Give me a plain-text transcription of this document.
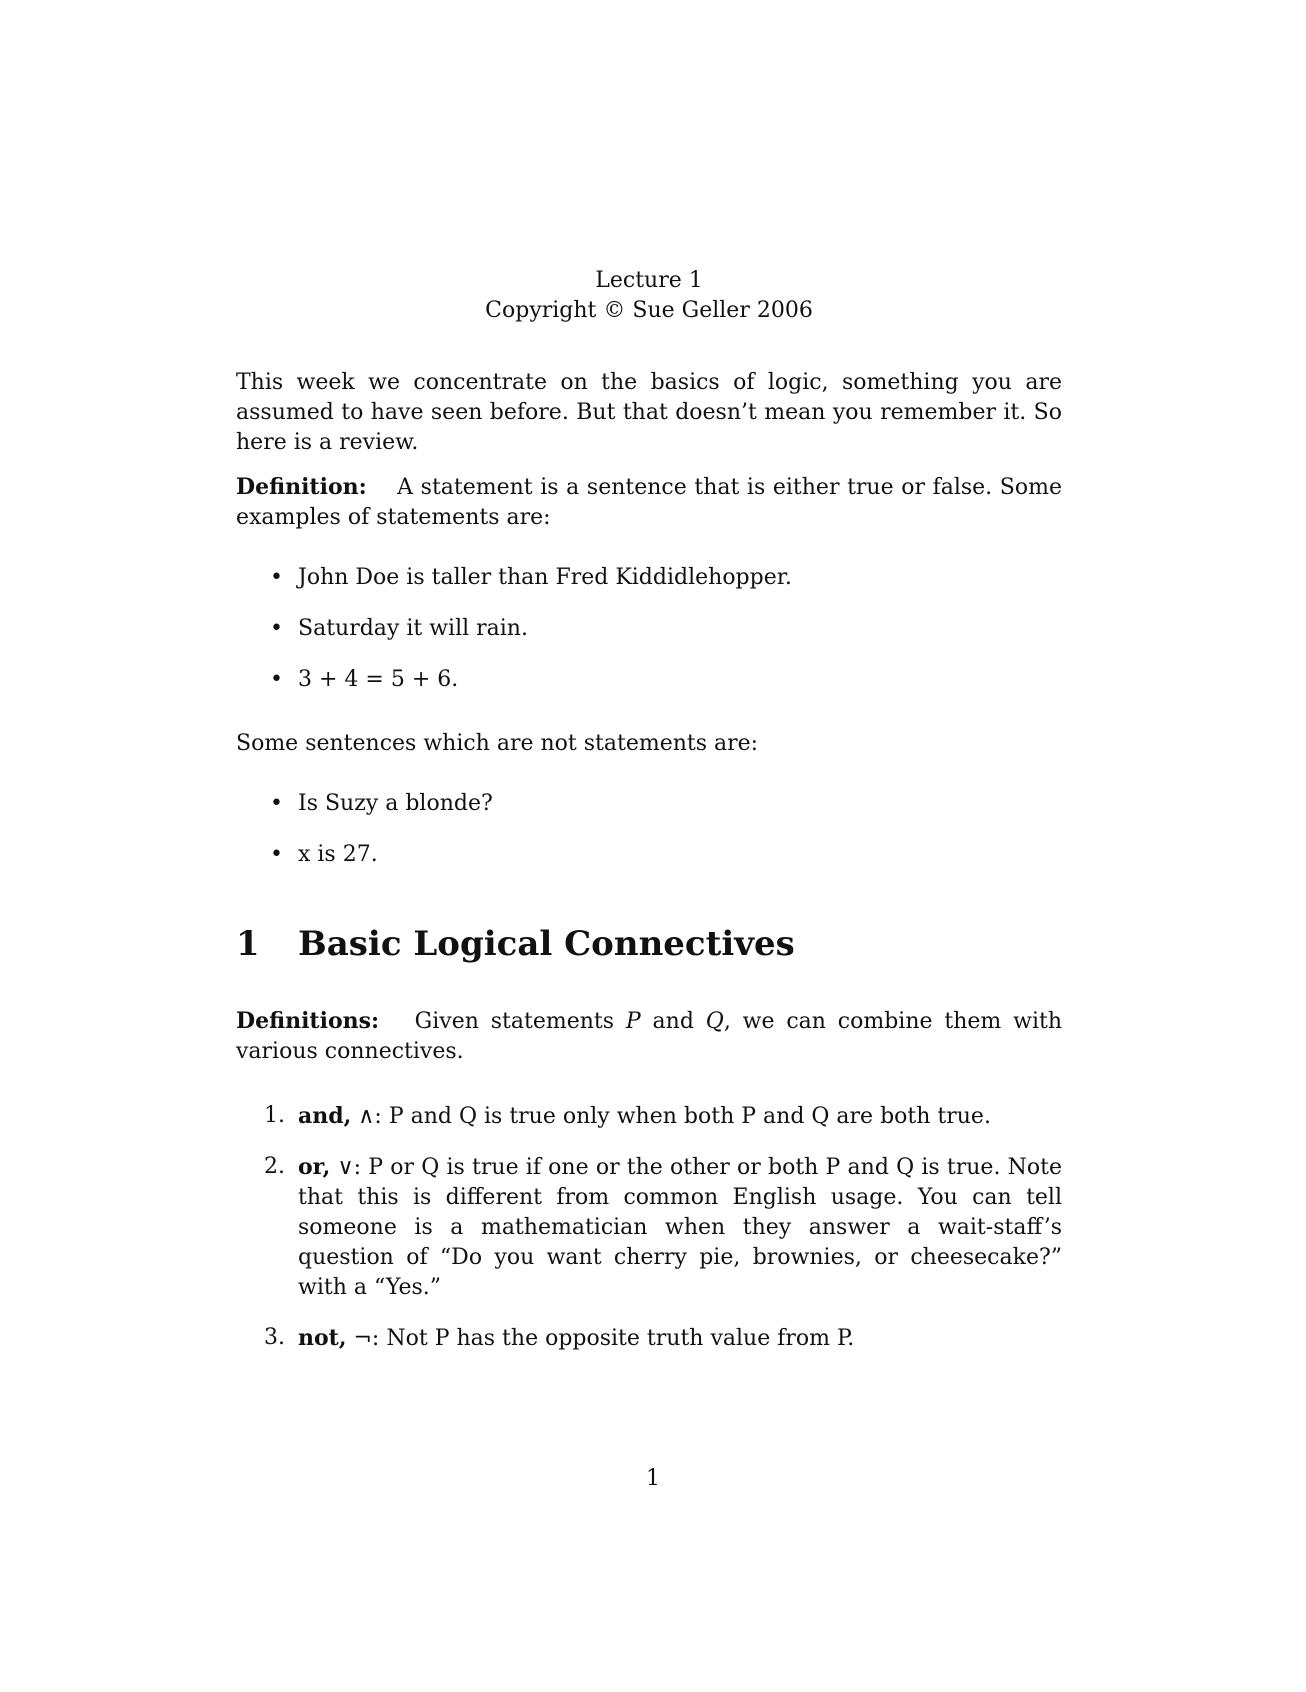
Lecture 1
Copyright © Sue Geller 2006

This week we concentrate on the basics of logic, something you are assumed to have seen before. But that doesn’t mean you remember it. So here is a review.

Definition: A statement is a sentence that is either true or false. Some examples of statements are:

• John Doe is taller than Fred Kiddidlehopper.
• Saturday it will rain.
• 3 + 4 = 5 + 6.

Some sentences which are not statements are:

• Is Suzy a blonde?
• x is 27.
1 Basic Logical Connectives

Definitions: Given statements P and Q, we can combine them with various connectives.

1. and, ∧: P and Q is true only when both P and Q are both true.
2. or, ∨: P or Q is true if one or the other or both P and Q is true. Note that this is different from common English usage. You can tell someone is a mathematician when they answer a wait-staff’s question of “Do you want cherry pie, brownies, or cheesecake?” with a “Yes.”
3. not, ¬: Not P has the opposite truth value from P.
1
